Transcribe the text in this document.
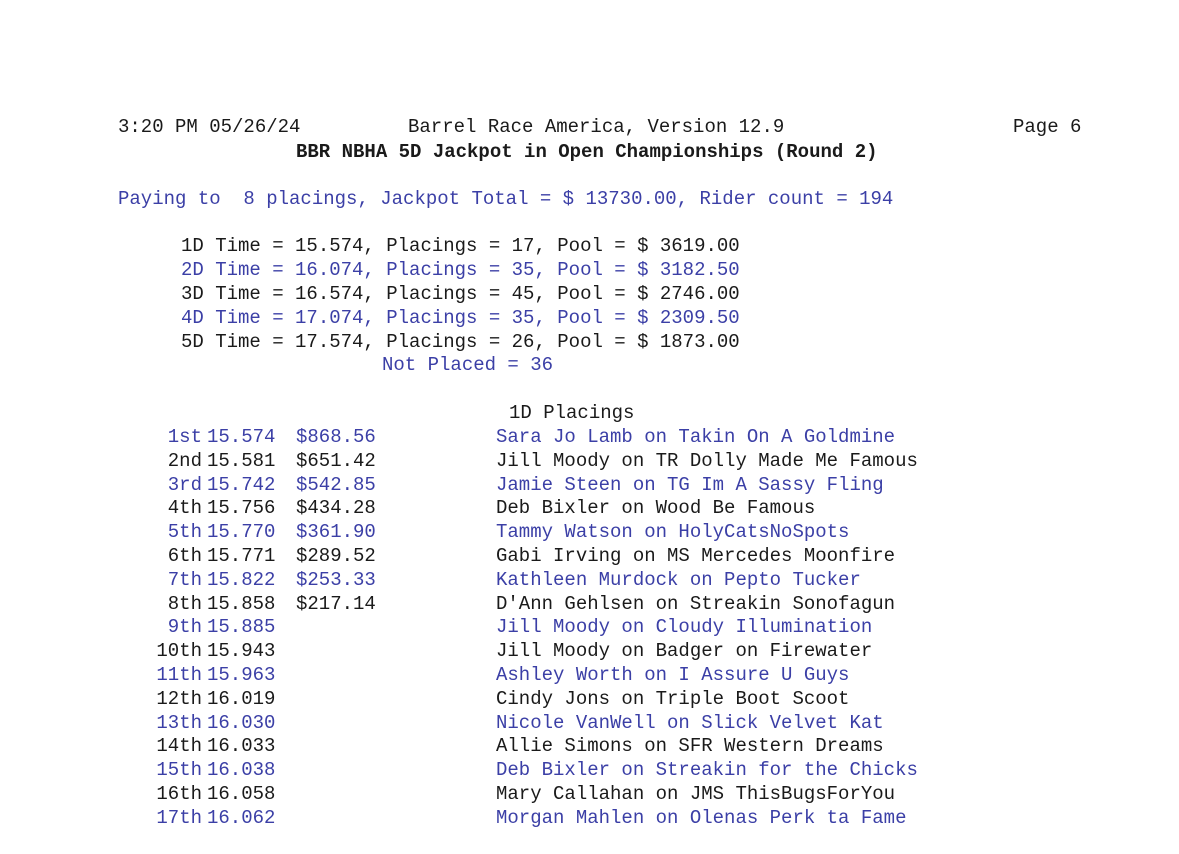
3:20 PM 05/26/24	Barrel Race America, Version 12.9	Page 6
BBR NBHA 5D Jackpot in Open Championships (Round 2)
Paying to  8 placings, Jackpot Total = $ 13730.00, Rider count = 194
1D Time = 15.574, Placings = 17, Pool = $ 3619.00
2D Time = 16.074, Placings = 35, Pool = $ 3182.50
3D Time = 16.574, Placings = 45, Pool = $ 2746.00
4D Time = 17.074, Placings = 35, Pool = $ 2309.50
5D Time = 17.574, Placings = 26, Pool = $ 1873.00
Not Placed = 36
1D Placings
1st 15.574 $868.56	Sara Jo Lamb on Takin On A Goldmine
2nd 15.581 $651.42	Jill Moody on TR Dolly Made Me Famous
3rd 15.742 $542.85	Jamie Steen on TG Im A Sassy Fling
4th 15.756 $434.28	Deb Bixler on Wood Be Famous
5th 15.770 $361.90	Tammy Watson on HolyCatsNoSpots
6th 15.771 $289.52	Gabi Irving on MS Mercedes Moonfire
7th 15.822 $253.33	Kathleen Murdock on Pepto Tucker
8th 15.858 $217.14	D'Ann Gehlsen on Streakin Sonofagun
9th 15.885	Jill Moody on Cloudy Illumination
10th 15.943	Jill Moody on Badger on Firewater
11th 15.963	Ashley Worth on I Assure U Guys
12th 16.019	Cindy Jons on Triple Boot Scoot
13th 16.030	Nicole VanWell on Slick Velvet Kat
14th 16.033	Allie Simons on SFR Western Dreams
15th 16.038	Deb Bixler on Streakin for the Chicks
16th 16.058	Mary Callahan on JMS ThisBugsForYou
17th 16.062	Morgan Mahlen on Olenas Perk ta Fame
